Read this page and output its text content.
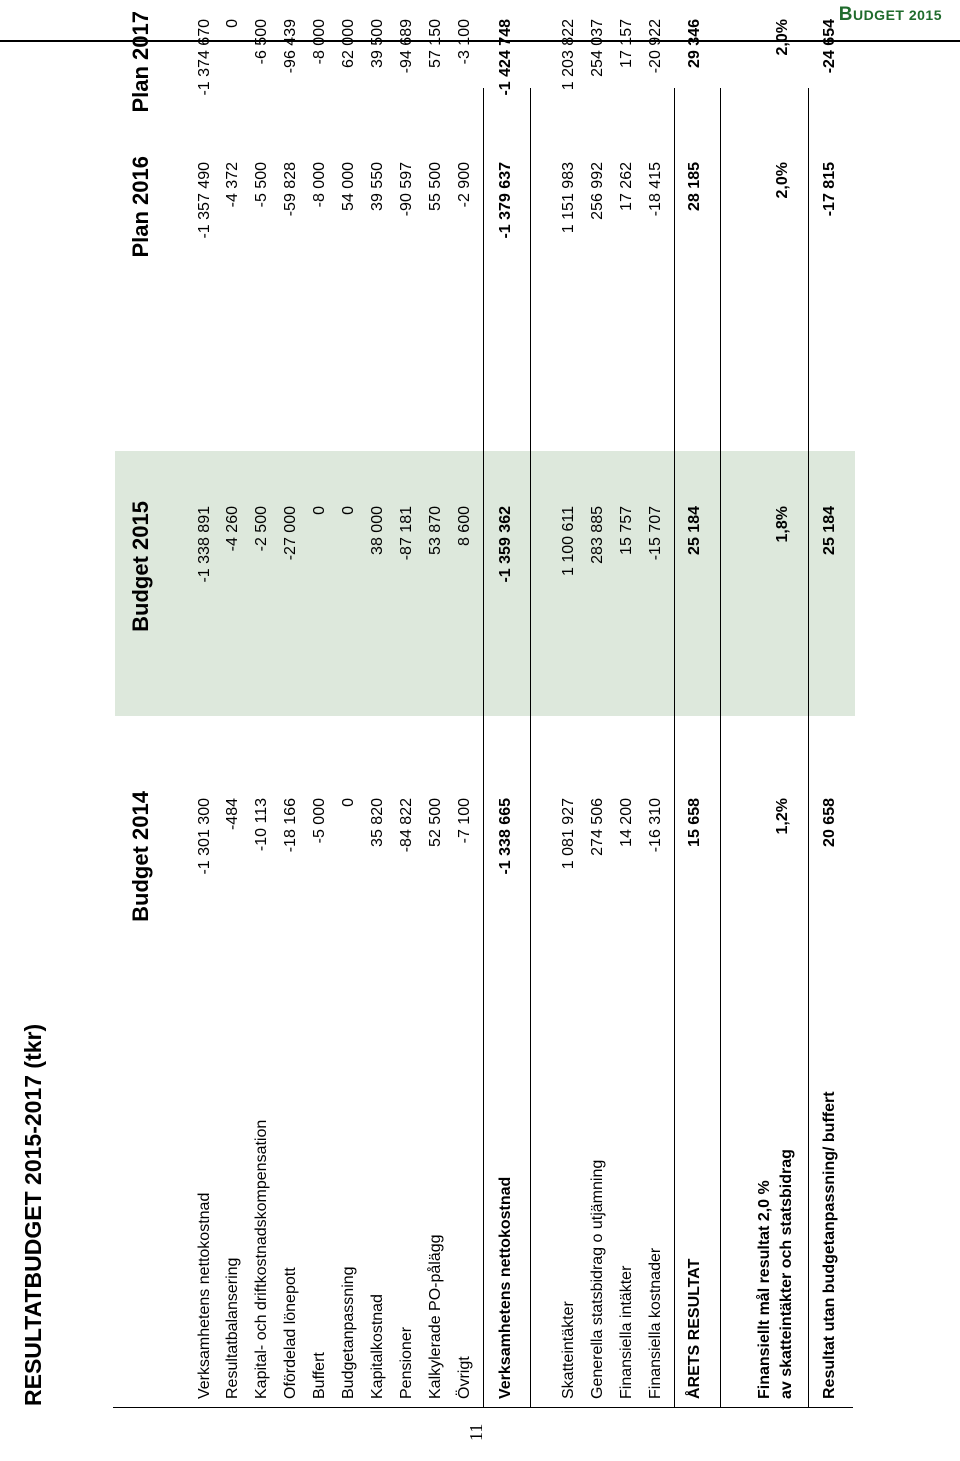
BUDGET 2015
11
RESULTATBUDGET 2015-2017 (tkr)
Budget 2014
Budget 2015
Plan 2016
Plan 2017
Verksamhetens nettokostnad
-1 301 300
-1 338 891
-1 357 490
-1 374 670
Resultatbalansering
-484
-4 260
-4 372
0
Kapital- och driftkostnadskompensation
-10 113
-2 500
-5 500
-6 500
Ofördelad lönepott
-18 166
-27 000
-59 828
-96 439
Buffert
-5 000
0
-8 000
-8 000
Budgetanpassning
0
0
54 000
62 000
Kapitalkostnad
35 820
38 000
39 550
39 500
Pensioner
-84 822
-87 181
-90 597
-94 689
Kalkylerade PO-pålägg
52 500
53 870
55 500
57 150
Övrigt
-7 100
8 600
-2 900
-3 100
Verksamhetens nettokostnad
-1 338 665
-1 359 362
-1 379 637
-1 424 748
Skatteintäkter
1 081 927
1 100 611
1 151 983
1 203 822
Generella statsbidrag o utjämning
274 506
283 885
256 992
254 037
Finansiella intäkter
14 200
15 757
17 262
17 157
Finansiella kostnader
-16 310
-15 707
-18 415
-20 922
ÅRETS RESULTAT
15 658
25 184
28 185
29 346
Finansiellt mål resultat 2,0 % av skatteintäkter och statsbidrag
1,2%
1,8%
2,0%
2,0%
Resultat utan budgetanpassning/ buffert
20 658
25 184
-17 815
-24 654
